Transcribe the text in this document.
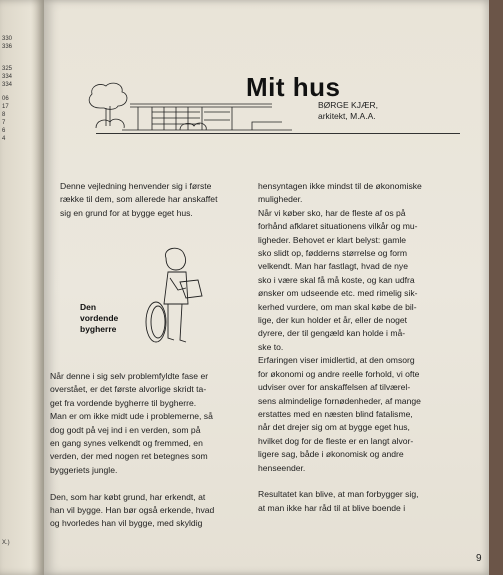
330
336
325
334
334
06
17
8
7
6
4
X.)
Mit hus
BØRGE KJÆR,
arkitekt, M.A.A.
Denne vejledning henvender sig i første
række til dem, som allerede har anskaffet
sig en grund for at bygge eget hus.
Den
vordende
bygherre
Når denne i sig selv problemfyldte fase er
overstået, er det første alvorlige skridt ta-
get fra vordende bygherre til bygherre.
Man er om ikke midt ude i problemerne, så
dog godt på vej ind i en verden, som på
en gang synes velkendt og fremmed, en
verden, der med nogen ret betegnes som
byggeriets jungle.

Den, som har købt grund, har erkendt, at
han vil bygge. Han bør også erkende, hvad
og hvorledes han vil bygge, med skyldig
hensyntagen ikke mindst til de økonomiske
muligheder.
Når vi køber sko, har de fleste af os på
forhånd afklaret situationens vilkår og mu-
ligheder. Behovet er klart belyst: gamle
sko slidt op, fødderns størrelse og form
velkendt. Man har fastlagt, hvad de nye
sko i være skal få må koste, og kan udfra
ønsker om udseende etc. med rimelig sik-
kerhed vurdere, om man skal købe de bil-
lige, der kun holder et år, eller de noget
dyrere, der til gengæld kan holde i må-
ske to.
Erfaringen viser imidlertid, at den omsorg
for økonomi og andre reelle forhold, vi ofte
udviser over for anskaffelsen af tilværel-
sens almindelige fornødenheder, af mange
erstattes med en næsten blind fatalisme,
når det drejer sig om at bygge eget hus,
hvilket dog for de fleste er en langt alvor-
ligere sag, både i økonomisk og andre
henseender.

Resultatet kan blive, at man forbygger sig,
at man ikke har råd til at blive boende i
9
